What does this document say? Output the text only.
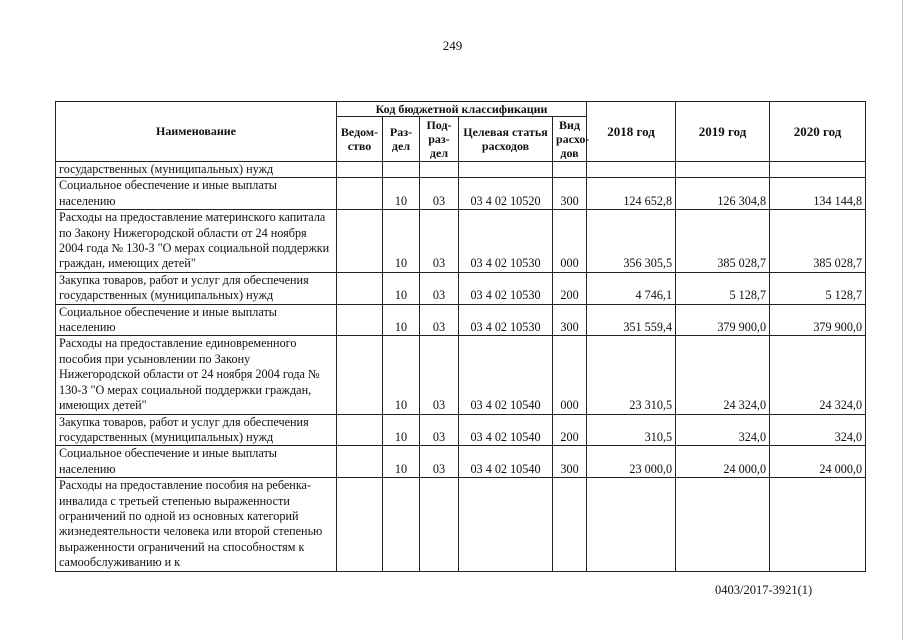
249
Наименование	Код бюджетной классификации					2018 год	2019 год	2020 год
	Ведом- ство	Раз- дел	Под- раз- дел	Целевая статья расходов	Вид расхо- дов			
государственных (муниципальных) нужд								
Социальное обеспечение и иные выплаты населению		10	03	03 4 02 10520	300	124 652,8	126 304,8	134 144,8
Расходы на предоставление материнского капитала по Закону Нижегородской области от 24 ноября 2004 года № 130-З "О мерах социальной поддержки граждан, имеющих детей"		10	03	03 4 02 10530	000	356 305,5	385 028,7	385 028,7
Закупка товаров, работ и услуг для обеспечения государственных (муниципальных) нужд		10	03	03 4 02 10530	200	4 746,1	5 128,7	5 128,7
Социальное обеспечение и иные выплаты населению		10	03	03 4 02 10530	300	351 559,4	379 900,0	379 900,0
Расходы на предоставление единовременного пособия при усыновлении по Закону Нижегородской области от 24 ноября 2004 года № 130-З "О мерах социальной поддержки граждан, имеющих детей"		10	03	03 4 02 10540	000	23 310,5	24 324,0	24 324,0
Закупка товаров, работ и услуг для обеспечения государственных (муниципальных) нужд		10	03	03 4 02 10540	200	310,5	324,0	324,0
Социальное обеспечение и иные выплаты населению		10	03	03 4 02 10540	300	23 000,0	24 000,0	24 000,0
Расходы на предоставление пособия на ребенка-инвалида с третьей степенью выраженности ограничений по одной из основных категорий жизнедеятельности человека или второй степенью выраженности ограничений на способностям к самообслуживанию и к								
0403/2017-3921(1)
